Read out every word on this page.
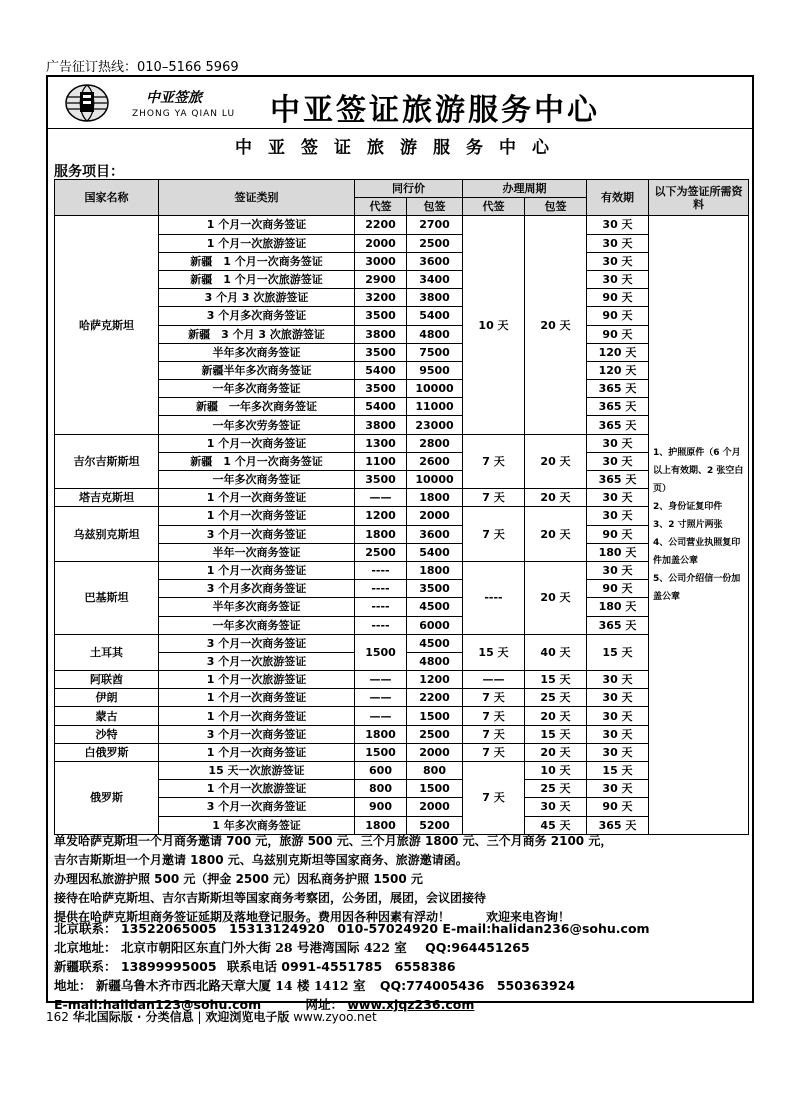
广告征订热线：010–5166 5969
中亚签旅
ZHONG YA QIAN LU 中亚签证旅游服务中心
中亚签证旅游服务中心
服务项目：
国家名称	签证类别	同行价		办理周期		有效期	以下为签证所需资料
		代签	包签	代签	包签		
哈萨克斯坦	1 个月一次商务签证	2200	2700	10 天	20 天	30 天	1、护照原件（6 个月以上有效期、2 张空白页）
2、身份证复印件
3、2 寸照片两张
4、公司营业执照复印件加盖公章
5、公司介绍信一份加盖公章

	1 个月一次旅游签证	2000	2500			30 天	
	新疆　1 个月一次商务签证	3000	3600			30 天	
	新疆　1 个月一次旅游签证	2900	3400			30 天	
	3 个月 3 次旅游签证	3200	3800			90 天	
	3 个月多次商务签证	3500	5400			90 天	
	新疆　3 个月 3 次旅游签证	3800	4800			90 天	
	半年多次商务签证	3500	7500			120 天	
	新疆半年多次商务签证	5400	9500			120 天	
	一年多次商务签证	3500	10000			365 天	
	新疆　一年多次商务签证	5400	11000			365 天	
	一年多次劳务签证	3800	23000			365 天	
吉尔吉斯斯坦	1 个月一次商务签证	1300	2800	7 天	20 天	30 天	
	新疆　1 个月一次商务签证	1100	2600			30 天	
	一年多次商务签证	3500	10000			365 天	
塔吉克斯坦	1 个月一次商务签证	——	1800	7 天	20 天	30 天	
乌兹别克斯坦	1 个月一次商务签证	1200	2000	7 天	20 天	30 天	
	3 个月一次商务签证	1800	3600			90 天	
	半年一次商务签证	2500	5400			180 天	
巴基斯坦	1 个月一次商务签证	----	1800	----	20 天	30 天	
	3 个月多次商务签证	----	3500			90 天	
	半年多次商务签证	----	4500			180 天	
	一年多次商务签证	----	6000			365 天	
土耳其	3 个月一次商务签证	1500	4500	15 天	40 天	15 天	
	3 个月一次旅游签证		4800				
阿联酋	1 个月一次旅游签证	——	1200	——	15 天	30 天	
伊朗	1 个月一次商务签证	——	2200	7 天	25 天	30 天	
蒙古	1 个月一次商务签证	——	1500	7 天	20 天	30 天	
沙特	3 个月一次商务签证	1800	2500	7 天	15 天	30 天	
白俄罗斯	1 个月一次商务签证	1500	2000	7 天	20 天	30 天	
俄罗斯	15 天一次旅游签证	600	800	7 天	10 天	15 天	
	1 个月一次旅游签证	800	1500		25 天	30 天	
	3 个月一次商务签证	900	2000		30 天	90 天	
	1 年多次商务签证	1800	5200		45 天	365 天	
单发哈萨克斯坦一个月商务邀请 700 元，旅游 500 元、三个月旅游 1800 元、三个月商务 2100 元，
吉尔吉斯斯坦一个月邀请 1800 元、乌兹别克斯坦等国家商务、旅游邀请函。
办理因私旅游护照 500 元（押金 2500 元）因私商务护照 1500 元
接待在哈萨克斯坦、吉尔吉斯斯坦等国家商务考察团，公务团，展团，会议团接待
提供在哈萨克斯坦商务签证延期及落地登记服务。费用因各种因素有浮动！　　　欢迎来电咨询！
北京联系： 13522065005　15313124920　010-57024920 E-mail:halidan236@sohu.com
北京地址： 北京市朝阳区东直门外大街 28 号港湾国际 422 室 QQ:964451265
新疆联系： 13899995005 联系电话 0991-4551785　6558386
地址： 新疆乌鲁木齐市西北路天章大厦 14 楼 1412 室 QQ:774005436　550363924
E-mail:halidan123@sohu.com	网址： www.xjqz236.com
162 华北国际版 · 分类信息 | 欢迎浏览电子版 www.zyoo.net
